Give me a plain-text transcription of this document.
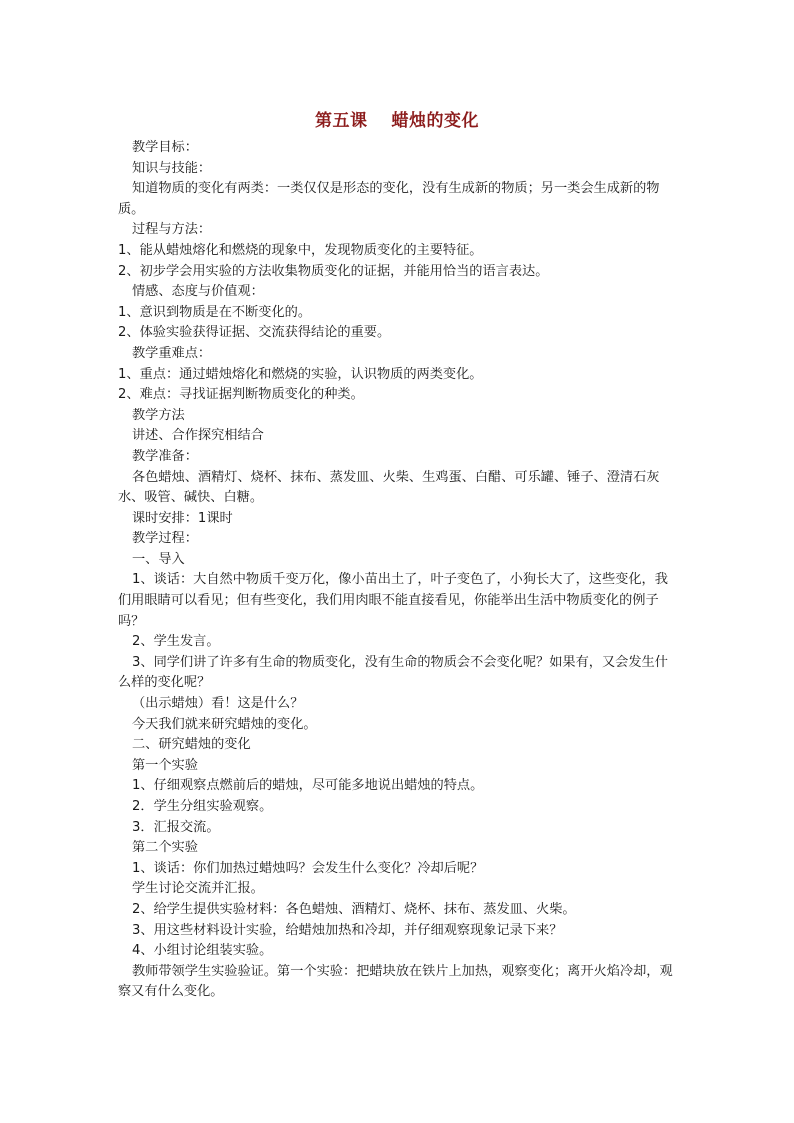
第五课　 蜡烛的变化

教学目标：

知识与技能：

知道物质的变化有两类：一类仅仅是形态的变化，没有生成新的物质；另一类会生成新的物质。

过程与方法：

1、能从蜡烛熔化和燃烧的现象中，发现物质变化的主要特征。

2、初步学会用实验的方法收集物质变化的证据，并能用恰当的语言表达。

情感、态度与价值观：

1、意识到物质是在不断变化的。

2、体验实验获得证据、交流获得结论的重要。

教学重难点：

1、重点：通过蜡烛熔化和燃烧的实验，认识物质的两类变化。

2、难点：寻找证据判断物质变化的种类。

教学方法

讲述、合作探究相结合

教学准备：

各色蜡烛、酒精灯、烧杯、抹布、蒸发皿、火柴、生鸡蛋、白醋、可乐罐、锤子、澄清石灰水、吸管、碱快、白糖。

课时安排：1课时

教学过程：

一、导入

1、谈话：大自然中物质千变万化，像小苗出土了，叶子变色了，小狗长大了，这些变化，我们用眼睛可以看见；但有些变化，我们用肉眼不能直接看见，你能举出生活中物质变化的例子吗？

2、学生发言。

3、同学们讲了许多有生命的物质变化，没有生命的物质会不会变化呢？如果有，又会发生什么样的变化呢？

（出示蜡烛）看！这是什么？

今天我们就来研究蜡烛的变化。

二、研究蜡烛的变化

第一个实验

1、仔细观察点燃前后的蜡烛，尽可能多地说出蜡烛的特点。

2．学生分组实验观察。

3．汇报交流。

第二个实验

1、谈话：你们加热过蜡烛吗？会发生什么变化？冷却后呢？

学生讨论交流并汇报。

2、给学生提供实验材料：各色蜡烛、酒精灯、烧杯、抹布、蒸发皿、火柴。

3、用这些材料设计实验，给蜡烛加热和冷却，并仔细观察现象记录下来？

4、小组讨论组装实验。

教师带领学生实验验证。第一个实验：把蜡块放在铁片上加热，观察变化；离开火焰冷却，观察又有什么变化。
